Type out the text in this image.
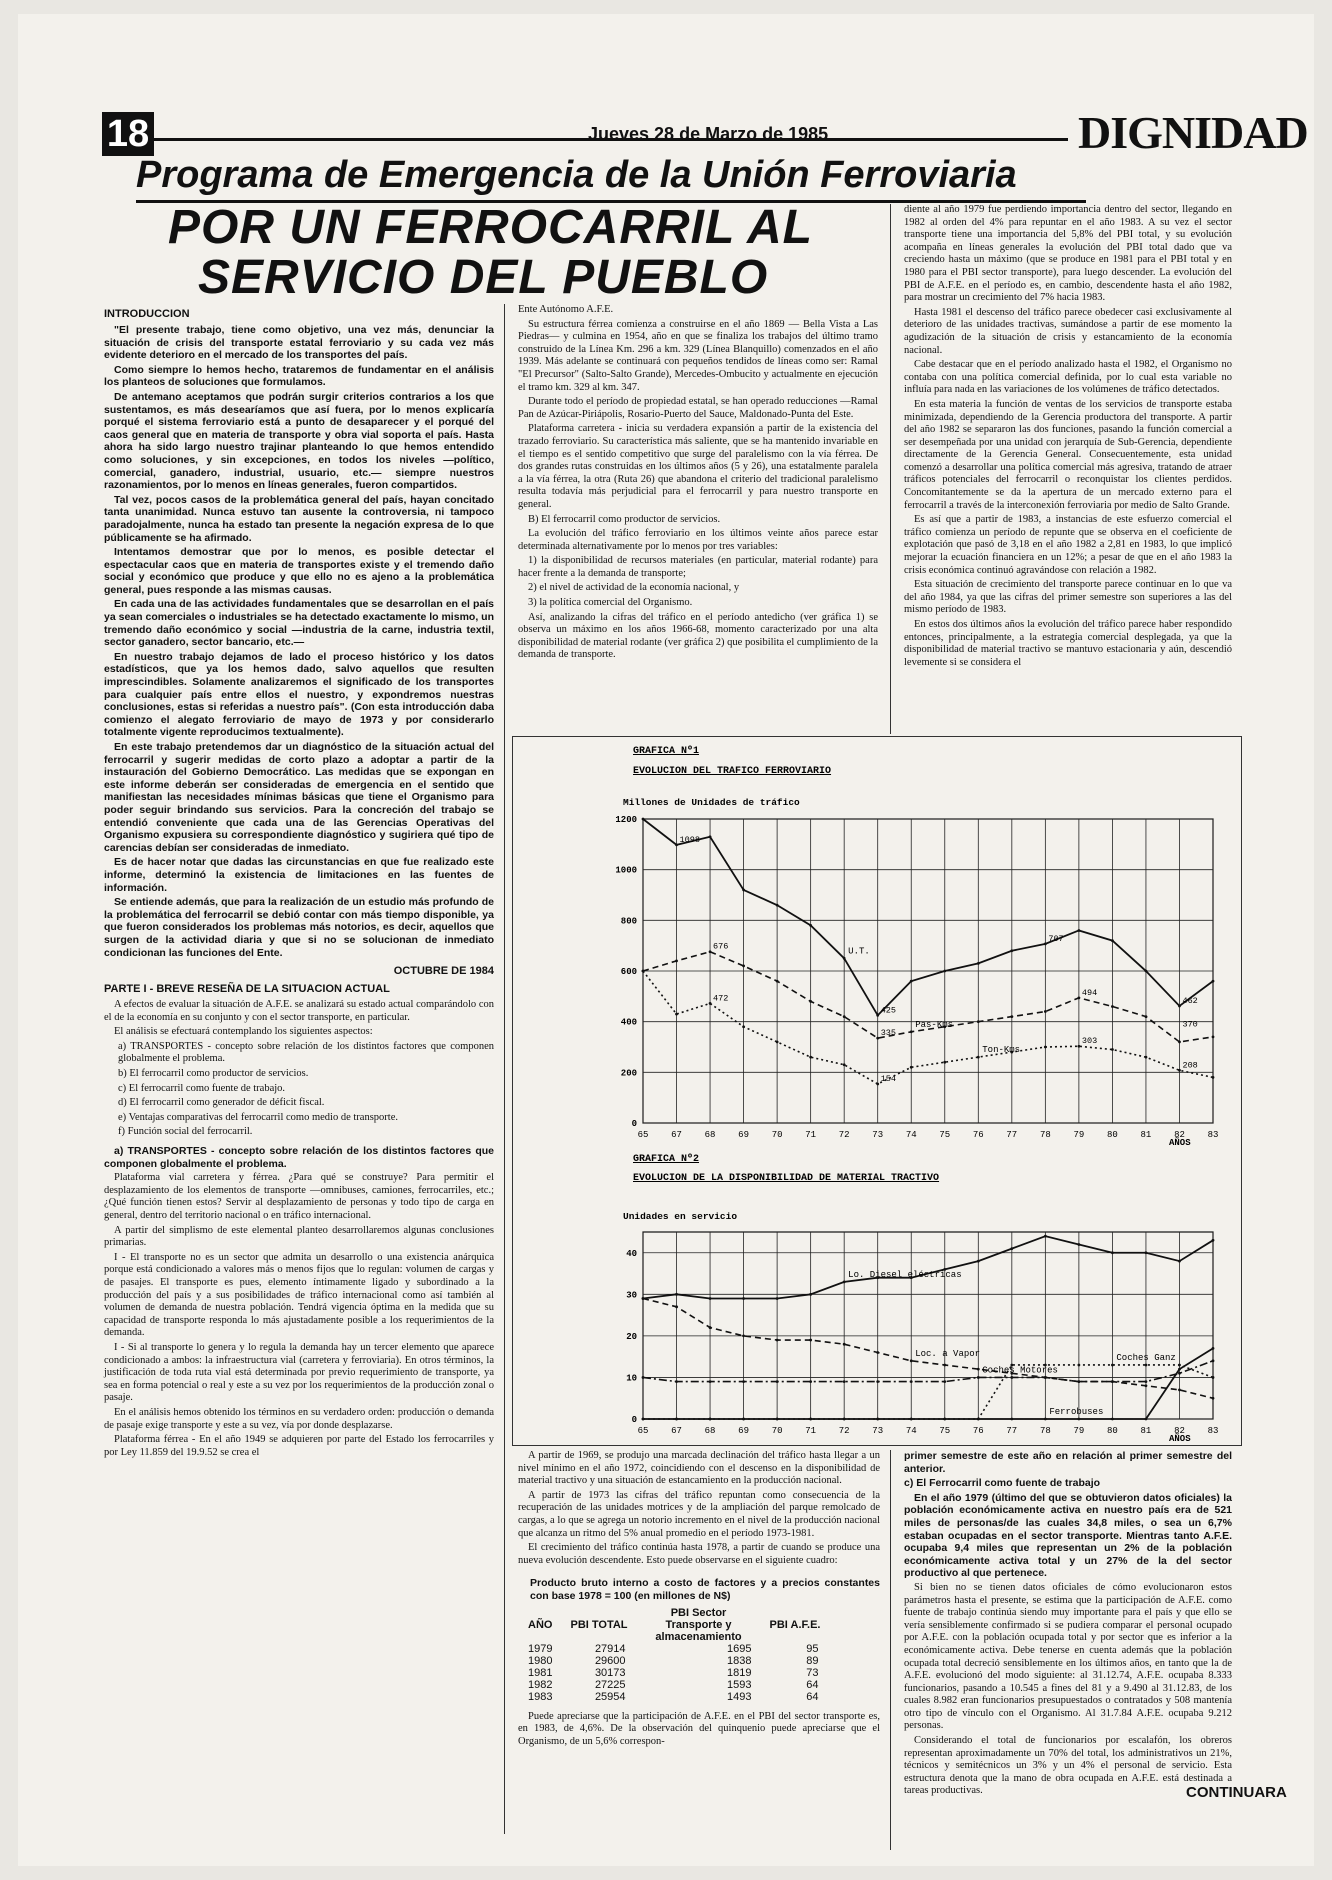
18	Jueves 28 de Marzo de 1985	DIGNIDAD
Programa de Emergencia de la Unión Ferroviaria
POR UN FERROCARRIL AL
SERVICIO DEL PUEBLO

INTRODUCCION

"El presente trabajo, tiene como objetivo, una vez más, denunciar la situación de crisis del transporte estatal ferroviario y su cada vez más evidente deterioro en el mercado de los transportes del país.

Como siempre lo hemos hecho, trataremos de fundamentar en el análisis los planteos de soluciones que formulamos.

De antemano aceptamos que podrán surgir criterios contrarios a los que sustentamos, es más desearíamos que así fuera, por lo menos explicaría porqué el sistema ferroviario está a punto de desaparecer y el porqué del caos general que en materia de transporte y obra vial soporta el país. Hasta ahora ha sido largo nuestro trajinar planteando lo que hemos entendido como soluciones, y sin excepciones, en todos los niveles —político, comercial, ganadero, industrial, usuario, etc.— siempre nuestros razonamientos, por lo menos en líneas generales, fueron compartidos.

Tal vez, pocos casos de la problemática general del país, hayan concitado tanta unanimidad. Nunca estuvo tan ausente la controversia, ni tampoco paradojalmente, nunca ha estado tan presente la negación expresa de lo que públicamente se ha afirmado.

Intentamos demostrar que por lo menos, es posible detectar el espectacular caos que en materia de transportes existe y el tremendo daño social y económico que produce y que ello no es ajeno a la problemática general, pues responde a las mismas causas.

En cada una de las actividades fundamentales que se desarrollan en el país ya sean comerciales o industriales se ha detectado exactamente lo mismo, un tremendo daño económico y social —industria de la carne, industria textil, sector ganadero, sector bancario, etc.—

En nuestro trabajo dejamos de lado el proceso histórico y los datos estadísticos, que ya los hemos dado, salvo aquellos que resulten imprescindibles. Solamente analizaremos el significado de los transportes para cualquier país entre ellos el nuestro, y expondremos nuestras conclusiones, estas si referidas a nuestro país". (Con esta introducción daba comienzo el alegato ferroviario de mayo de 1973 y por considerarlo totalmente vigente reproducimos textualmente).

En este trabajo pretendemos dar un diagnóstico de la situación actual del ferrocarril y sugerir medidas de corto plazo a adoptar a partir de la instauración del Gobierno Democrático. Las medidas que se expongan en este informe deberán ser consideradas de emergencia en el sentido que manifiestan las necesidades mínimas básicas que tiene el Organismo para poder seguir brindando sus servicios. Para la concreción del trabajo se entendió conveniente que cada una de las Gerencias Operativas del Organismo expusiera su correspondiente diagnóstico y sugiriera qué tipo de carencias debían ser consideradas de inmediato.

Es de hacer notar que dadas las circunstancias en que fue realizado este informe, determinó la existencia de limitaciones en las fuentes de información.

Se entiende además, que para la realización de un estudio más profundo de la problemática del ferrocarril se debió contar con más tiempo disponible, ya que fueron considerados los problemas más notorios, es decir, aquellos que surgen de la actividad diaria y que si no se solucionan de inmediato condicionan las funciones del Ente.

OCTUBRE DE 1984

PARTE I - BREVE RESEÑA DE LA SITUACION ACTUAL

A efectos de evaluar la situación de A.F.E. se analizará su estado actual comparándolo con el de la economía en su conjunto y con el sector transporte, en particular.

El análisis se efectuará contemplando los siguientes aspectos:

a) TRANSPORTES - concepto sobre relación de los distintos factores que componen globalmente el problema.

b) El ferrocarril como productor de servicios.

c) El ferrocarril como fuente de trabajo.

d) El ferrocarril como generador de déficit fiscal.

e) Ventajas comparativas del ferrocarril como medio de transporte.

f) Función social del ferrocarril.

a) TRANSPORTES - concepto sobre relación de los distintos factores que componen globalmente el problema.

Plataforma vial carretera y férrea. ¿Para qué se construye? Para permitir el desplazamiento de los elementos de transporte —omnibuses, camiones, ferrocarriles, etc.; ¿Qué función tienen estos? Servir al desplazamiento de personas y todo tipo de carga en general, dentro del territorio nacional o en tráfico internacional.

A partir del simplismo de este elemental planteo desarrollaremos algunas conclusiones primarias.

I - El transporte no es un sector que admita un desarrollo o una existencia anárquica porque está condicionado a valores más o menos fijos que lo regulan: volumen de cargas y de pasajes. El transporte es pues, elemento íntimamente ligado y subordinado a la producción del país y a sus posibilidades de tráfico internacional como así también al volumen de demanda de nuestra población. Tendrá vigencia óptima en la medida que su capacidad de transporte responda lo más ajustadamente posible a los requerimientos de la demanda.

I - Si al transporte lo genera y lo regula la demanda hay un tercer elemento que aparece condicionado a ambos: la infraestructura vial (carretera y ferroviaria). En otros términos, la justificación de toda ruta vial está determinada por previo requerimiento de transporte, ya sea en forma potencial o real y este a su vez por los requerimientos de la producción zonal o pasaje.

En el análisis hemos obtenido los términos en su verdadero orden: producción o demanda de pasaje exige transporte y este a su vez, vía por donde desplazarse.

Plataforma férrea - En el año 1949 se adquieren por parte del Estado los ferrocarriles y por Ley 11.859 del 19.9.52 se crea el

Ente Autónomo A.F.E.

Su estructura férrea comienza a construirse en el año 1869 — Bella Vista a Las Piedras— y culmina en 1954, año en que se finaliza los trabajos del último tramo construido de la Línea Km. 296 a km. 329 (Línea Blanquillo) comenzados en el año 1939. Más adelante se continuará con pequeños tendidos de líneas como ser: Ramal "El Precursor" (Salto-Salto Grande), Mercedes-Ombucito y actualmente en ejecución el tramo km. 329 al km. 347.

Durante todo el período de propiedad estatal, se han operado reducciones —Ramal Pan de Azúcar-Piriápolis, Rosario-Puerto del Sauce, Maldonado-Punta del Este.

Plataforma carretera - inicia su verdadera expansión a partir de la existencia del trazado ferroviario. Su característica más saliente, que se ha mantenido invariable en el tiempo es el sentido competitivo que surge del paralelismo con la vía férrea. De dos grandes rutas construidas en los últimos años (5 y 26), una estatalmente paralela a la vía férrea, la otra (Ruta 26) que abandona el criterio del tradicional paralelismo resulta todavía más perjudicial para el ferrocarril y para nuestro transporte en general.

B) El ferrocarril como productor de servicios.

La evolución del tráfico ferroviario en los últimos veinte años parece estar determinada alternativamente por lo menos por tres variables:

1) la disponibilidad de recursos materiales (en particular, material rodante) para hacer frente a la demanda de transporte;

2) el nivel de actividad de la economía nacional, y

3) la política comercial del Organismo.

Así, analizando la cifras del tráfico en el período antedicho (ver gráfica 1) se observa un máximo en los años 1966-68, momento caracterizado por una alta disponibilidad de material rodante (ver gráfica 2) que posibilita el cumplimiento de la demanda de transporte.

diente al año 1979 fue perdiendo importancia dentro del sector, llegando en 1982 al orden del 4% para repuntar en el año 1983. A su vez el sector transporte tiene una importancia del 5,8% del PBI total, y su evolución acompaña en líneas generales la evolución del PBI total dado que va creciendo hasta un máximo (que se produce en 1981 para el PBI total y en 1980 para el PBI sector transporte), para luego descender. La evolución del PBI de A.F.E. en el período es, en cambio, descendente hasta el año 1982, para mostrar un crecimiento del 7% hacia 1983.

Hasta 1981 el descenso del tráfico parece obedecer casi exclusivamente al deterioro de las unidades tractivas, sumándose a partir de ese momento la agudización de la situación de crisis y estancamiento de la economía nacional.

Cabe destacar que en el período analizado hasta el 1982, el Organismo no contaba con una política comercial definida, por lo cual esta variable no influía para nada en las variaciones de los volúmenes de tráfico detectados.

En esta materia la función de ventas de los servicios de transporte estaba minimizada, dependiendo de la Gerencia productora del transporte. A partir del año 1982 se separaron las dos funciones, pasando la función comercial a ser desempeñada por una unidad con jerarquía de Sub-Gerencia, dependiente directamente de la Gerencia General. Consecuentemente, esta unidad comenzó a desarrollar una política comercial más agresiva, tratando de atraer tráficos potenciales del ferrocarril o reconquistar los clientes perdidos. Concomitantemente se da la apertura de un mercado externo para el ferrocarril a través de la interconexión ferroviaria por medio de Salto Grande.

Es así que a partir de 1983, a instancias de este esfuerzo comercial el tráfico comienza un período de repunte que se observa en el coeficiente de explotación que pasó de 3,18 en el año 1982 a 2,81 en 1983, lo que implicó mejorar la ecuación financiera en un 12%; a pesar de que en el año 1983 la crisis económica continuó agravándose con relación a 1982.

Esta situación de crecimiento del transporte parece continuar en lo que va del año 1984, ya que las cifras del primer semestre son superiores a las del mismo período de 1983.

En estos dos últimos años la evolución del tráfico parece haber respondido entonces, principalmente, a la estrategia comercial desplegada, ya que la disponibilidad de material tractivo se mantuvo estacionaria y aún, descendió levemente si se considera el

GRAFICA Nº1
EVOLUCION DEL TRAFICO FERROVIARIO
Millones de Unidades de tráfico
AÑOS
GRAFICA Nº2
EVOLUCION DE LA DISPONIBILIDAD DE MATERIAL TRACTIVO
Unidades en servicio
AÑOS
65	67	68	69	70	71	72	73	74	75	76	77	78	79	80	81	82	83
0
200
400
600
800
1000
1200
U.T.
Pas-Kms
Ton-Kms
1098
676
472
425
335
154
707
494
303
462
370
208
65	67	68	69	70	71	72	73	74	75	76	77	78	79	80	81	82	83
0
10
20
30
40
Lo. Diesel eléctricas
Loc. a Vapor
Coches Motores
Ferrobuses
Coches Ganz

A partir de 1969, se produjo una marcada declinación del tráfico hasta llegar a un nivel mínimo en el año 1972, coincidiendo con el descenso en la disponibilidad de material tractivo y una situación de estancamiento en la producción nacional.

A partir de 1973 las cifras del tráfico repuntan como consecuencia de la recuperación de las unidades motrices y de la ampliación del parque remolcado de cargas, a lo que se agrega un notorio incremento en el nivel de la producción nacional que alcanza un ritmo del 5% anual promedio en el período 1973-1981.

El crecimiento del tráfico continúa hasta 1978, a partir de cuando se produce una nueva evolución descendente. Esto puede observarse en el siguiente cuadro:

Producto bruto interno a costo de factores y a precios constantes con base 1978 = 100 (en millones de N$)

AÑO	PBI TOTAL	PBI Sector Transporte y almacenamiento	PBI A.F.E.
1979	27914	1695	95
1980	29600	1838	89
1981	30173	1819	73
1982	27225	1593	64
1983	25954	1493	64

Puede apreciarse que la participación de A.F.E. en el PBI del sector transporte es, en 1983, de 4,6%. De la observación del quinquenio puede apreciarse que el Organismo, de un 5,6% correspon-

primer semestre de este año en relación al primer semestre del anterior.

c) El Ferrocarril como fuente de trabajo

En el año 1979 (último del que se obtuvieron datos oficiales) la población económicamente activa en nuestro país era de 521 miles de personas/de las cuales 34,8 miles, o sea un 6,7% estaban ocupadas en el sector transporte. Mientras tanto A.F.E. ocupaba 9,4 miles que representan un 2% de la población económicamente activa total y un 27% de la del sector productivo al que pertenece.

Si bien no se tienen datos oficiales de cómo evolucionaron estos parámetros hasta el presente, se estima que la participación de A.F.E. como fuente de trabajo continúa siendo muy importante para el país y que ello se vería sensiblemente confirmado si se pudiera comparar el personal ocupado por A.F.E. con la población ocupada total y por sector que es inferior a la económicamente activa. Debe tenerse en cuenta además que la población ocupada total decreció sensiblemente en los últimos años, en tanto que la de A.F.E. evolucionó del modo siguiente: al 31.12.74, A.F.E. ocupaba 8.333 funcionarios, pasando a 10.545 a fines del 81 y a 9.490 al 31.12.83, de los cuales 8.982 eran funcionarios presupuestados o contratados y 508 mantenía otro tipo de vínculo con el Organismo. Al 31.7.84 A.F.E. ocupaba 9.212 personas.

Considerando el total de funcionarios por escalafón, los obreros representan aproximadamente un 70% del total, los administrativos un 21%, técnicos y semitécnicos un 3% y un 4% el personal de servicio. Esta estructura denota que la mano de obra ocupada en A.F.E. está destinada a tareas productivas.	CONTINUARA
